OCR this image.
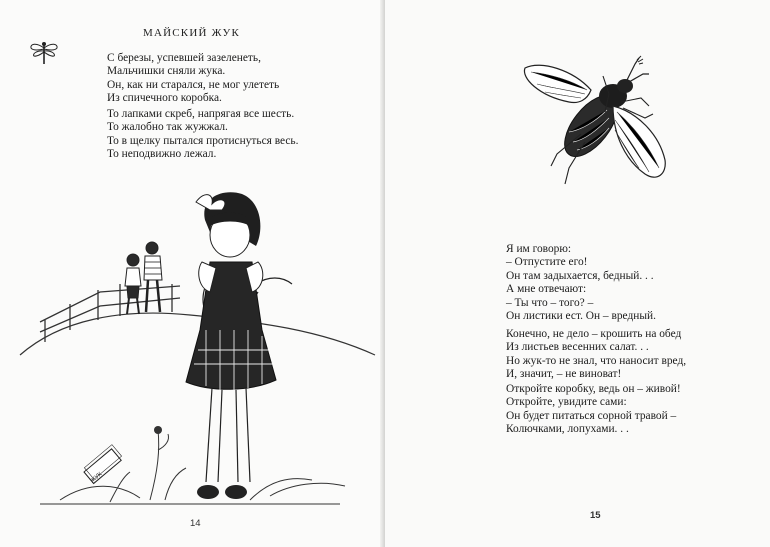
МАЙСКИЙ ЖУК
С березы, успевшей зазеленеть,
Мальчишки сняли жука.
Он, как ни старался, не мог улететь
Из спичечного коробка.
То лапками скреб, напрягая все шесть.
То жалобно так жужжал.
То в щелку пытался протиснуться весь.
То неподвижно лежал.
ЖУК
14
Я им говорю:
– Отпустите его!
Он там задыхается, бедный. . .
А мне отвечают:
– Ты что – того? –
Он листики ест. Он – вредный.
Конечно, не дело – крошить на обед
Из листьев весенних салат. . .
Но жук-то не знал, что наносит вред,
И, значит, – не виноват!
Откройте коробку, ведь он – живой!
Откройте, увидите сами:
Он будет питаться сорной травой –
Колючками, лопухами. . .
15
